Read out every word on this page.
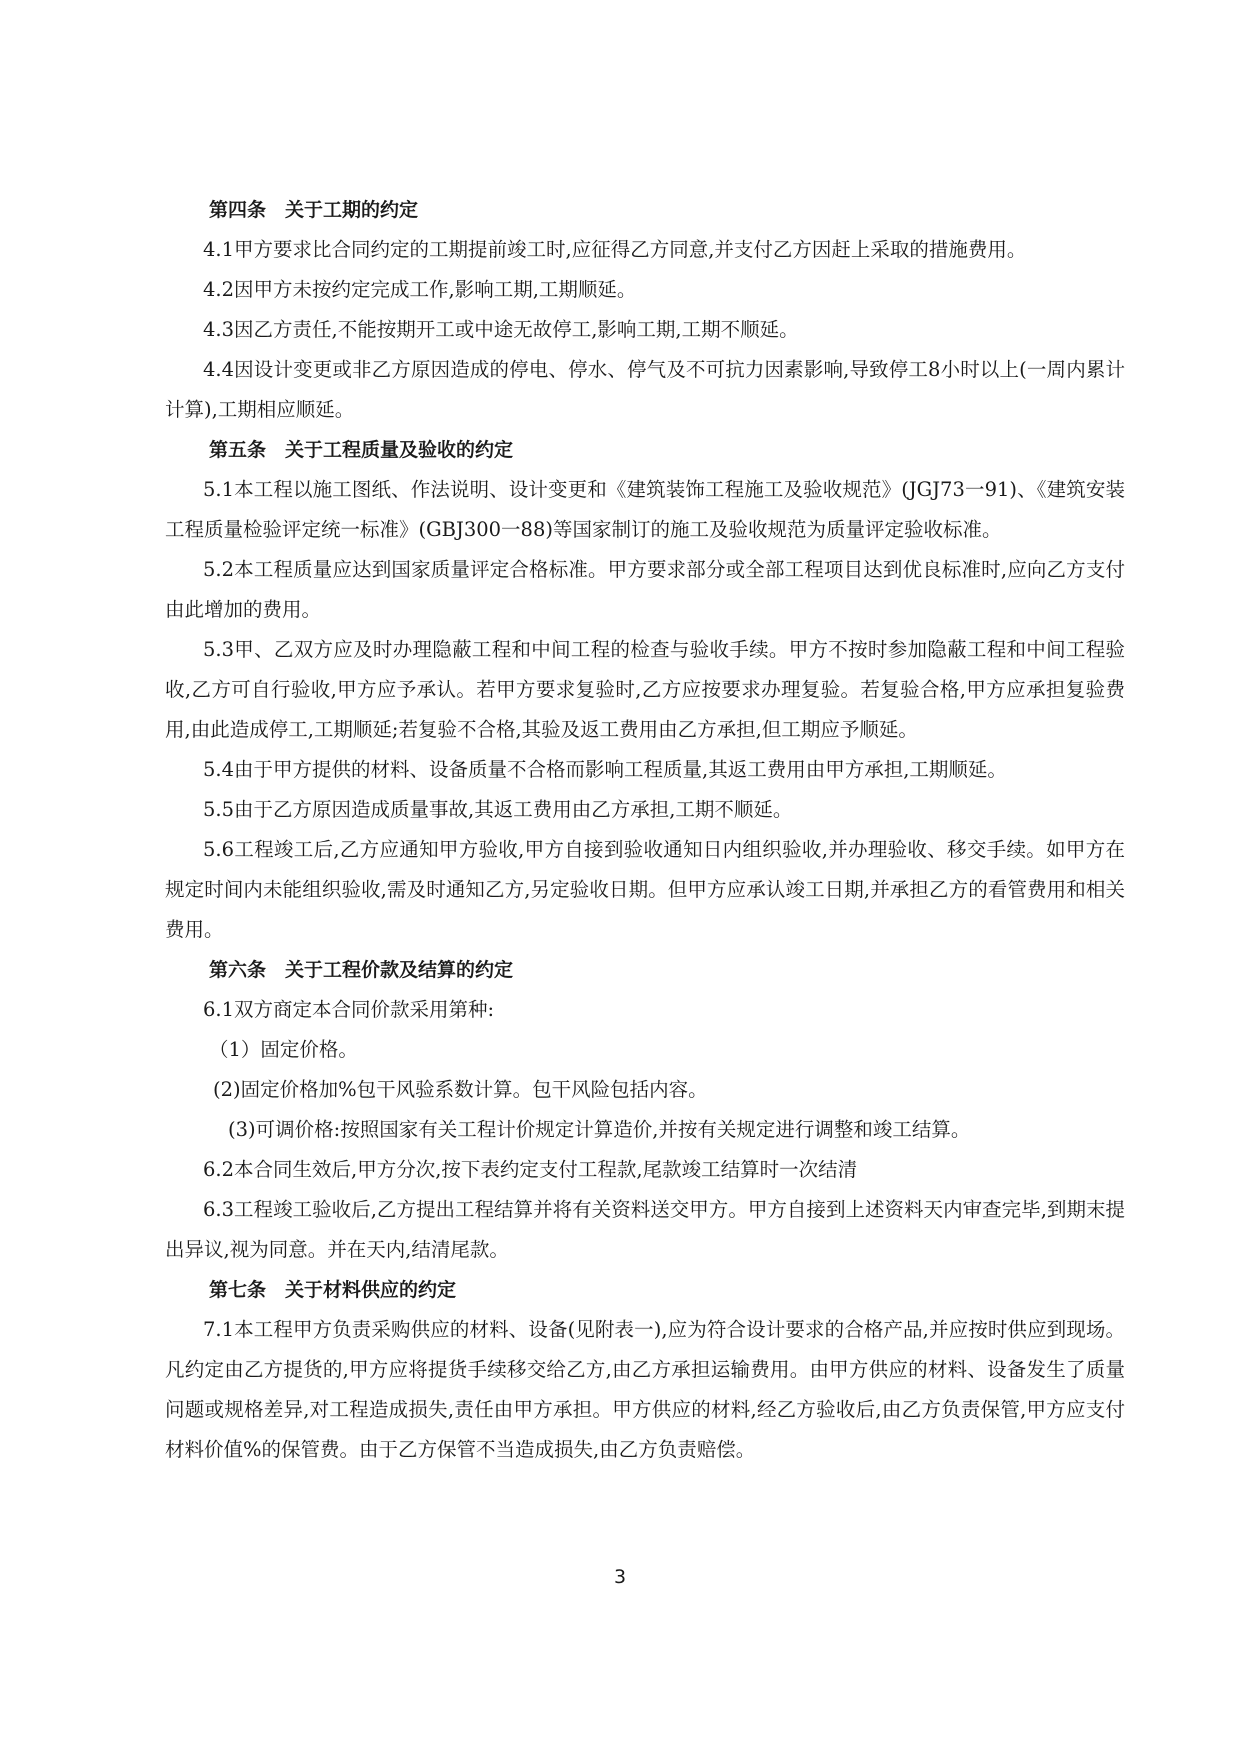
第四条　关于工期的约定

4.1甲方要求比合同约定的工期提前竣工时,应征得乙方同意,并支付乙方因赶上采取的措施费用。

4.2因甲方未按约定完成工作,影响工期,工期顺延。

4.3因乙方责任,不能按期开工或中途无故停工,影响工期,工期不顺延。

4.4因设计变更或非乙方原因造成的停电、停水、停气及不可抗力因素影响,导致停工8小时以上(一周内累计计算),工期相应顺延。

第五条　关于工程质量及验收的约定

5.1本工程以施工图纸、作法说明、设计变更和《建筑装饰工程施工及验收规范》(JGJ73一91)、《建筑安装工程质量检验评定统一标准》(GBJ300一88)等国家制订的施工及验收规范为质量评定验收标准。

5.2本工程质量应达到国家质量评定合格标准。甲方要求部分或全部工程项目达到优良标准时,应向乙方支付由此增加的费用。

5.3甲、乙双方应及时办理隐蔽工程和中间工程的检查与验收手续。甲方不按时参加隐蔽工程和中间工程验收,乙方可自行验收,甲方应予承认。若甲方要求复验时,乙方应按要求办理复验。若复验合格,甲方应承担复验费用,由此造成停工,工期顺延;若复验不合格,其验及返工费用由乙方承担,但工期应予顺延。

5.4由于甲方提供的材料、设备质量不合格而影响工程质量,其返工费用由甲方承担,工期顺延。

5.5由于乙方原因造成质量事故,其返工费用由乙方承担,工期不顺延。

5.6工程竣工后,乙方应通知甲方验收,甲方自接到验收通知日内组织验收,并办理验收、移交手续。如甲方在规定时间内未能组织验收,需及时通知乙方,另定验收日期。但甲方应承认竣工日期,并承担乙方的看管费用和相关费用。

第六条　关于工程价款及结算的约定

6.1双方商定本合同价款采用第种:

（1）固定价格。

(2)固定价格加%包干风验系数计算。包干风险包括内容。

(3)可调价格:按照国家有关工程计价规定计算造价,并按有关规定进行调整和竣工结算。

6.2本合同生效后,甲方分次,按下表约定支付工程款,尾款竣工结算时一次结清

6.3工程竣工验收后,乙方提出工程结算并将有关资料送交甲方。甲方自接到上述资料天内审查完毕,到期末提出异议,视为同意。并在天内,结清尾款。

第七条　关于材料供应的约定

7.1本工程甲方负责采购供应的材料、设备(见附表一),应为符合设计要求的合格产品,并应按时供应到现场。凡约定由乙方提货的,甲方应将提货手续移交给乙方,由乙方承担运输费用。由甲方供应的材料、设备发生了质量问题或规格差异,对工程造成损失,责任由甲方承担。甲方供应的材料,经乙方验收后,由乙方负责保管,甲方应支付材料价值%的保管费。由于乙方保管不当造成损失,由乙方负责赔偿。

3
